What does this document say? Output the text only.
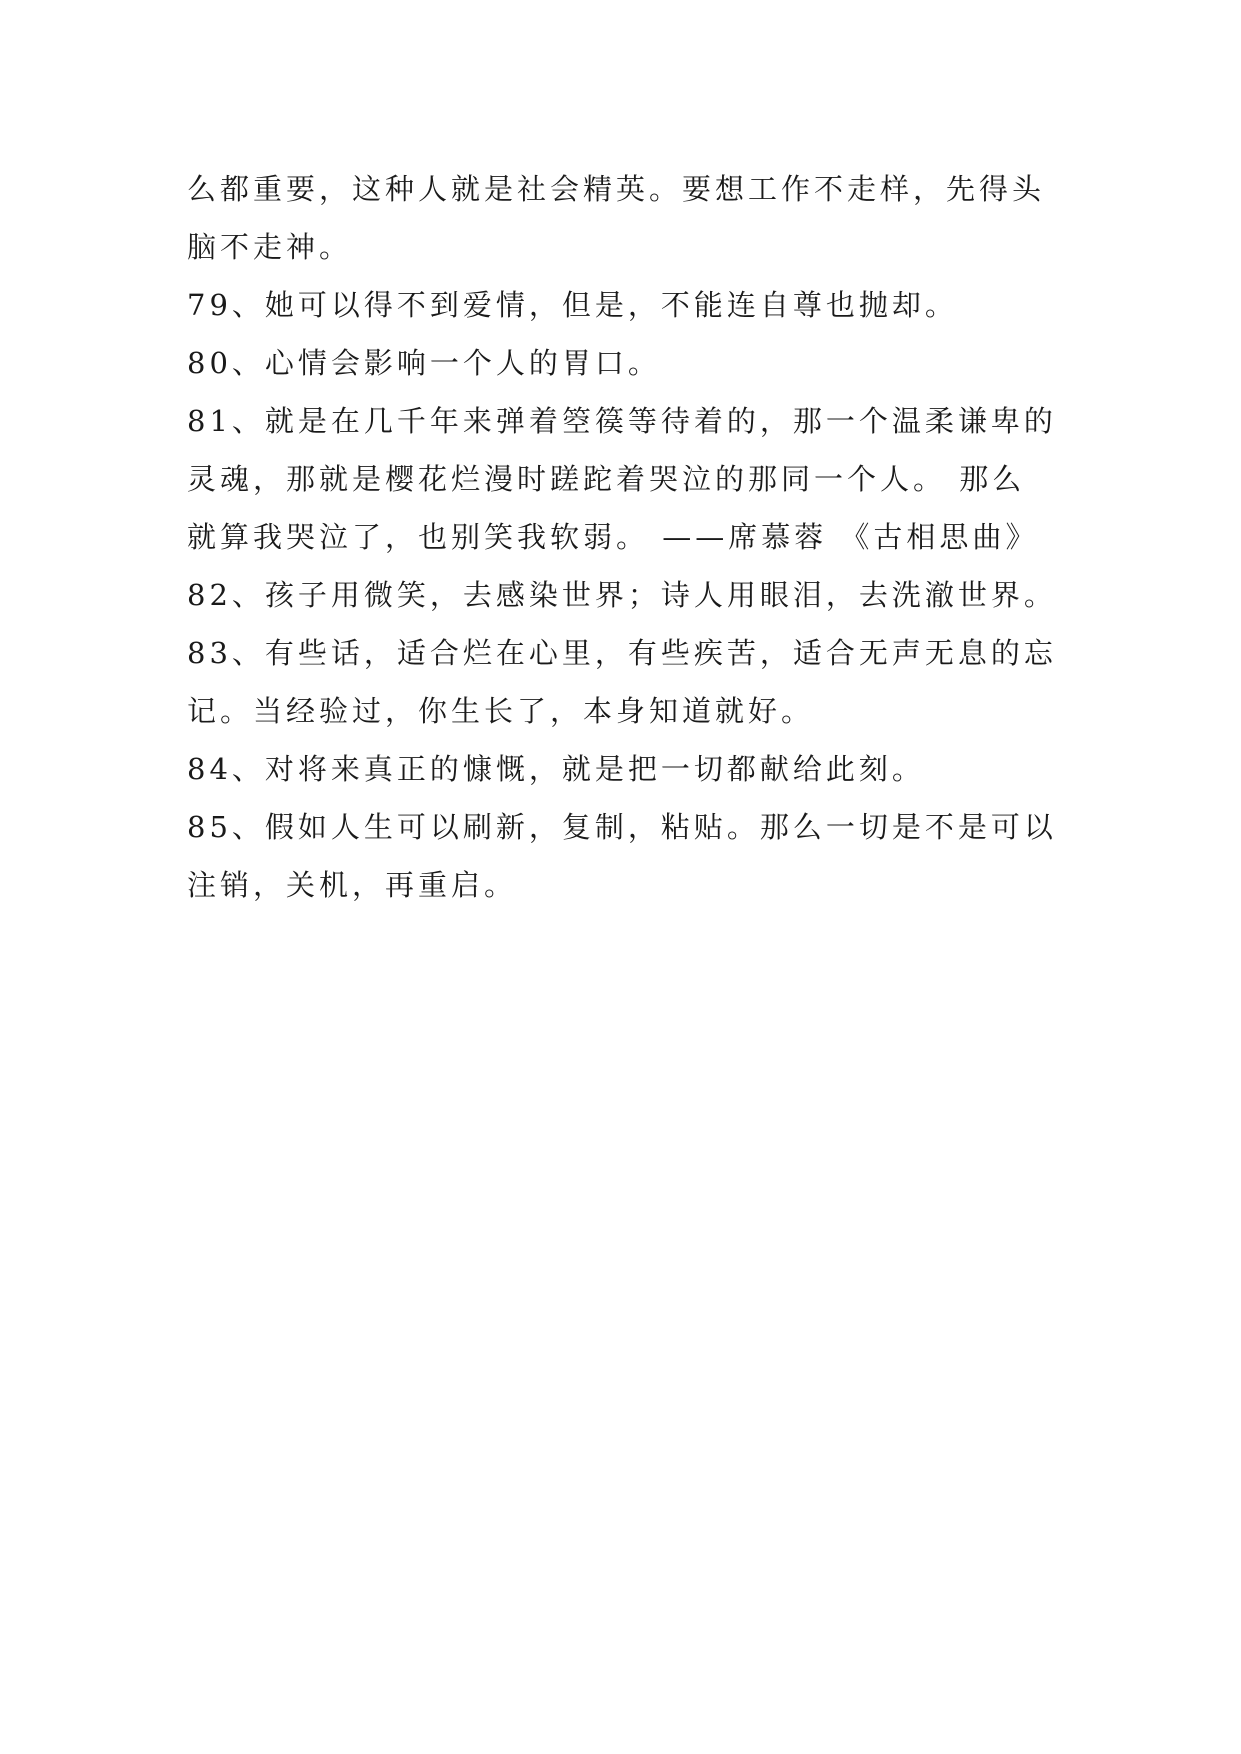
么都重要，这种人就是社会精英。要想工作不走样，先得头
脑不走神。
79、她可以得不到爱情，但是，不能连自尊也抛却。
80、心情会影响一个人的胃口。
81、就是在几千年来弹着箜篌等待着的，那一个温柔谦卑的
灵魂，那就是樱花烂漫时蹉跎着哭泣的那同一个人。 那么
就算我哭泣了，也别笑我软弱。 ——席慕蓉 《古相思曲》
82、孩子用微笑，去感染世界；诗人用眼泪，去洗澈世界。
83、有些话，适合烂在心里，有些疾苦，适合无声无息的忘
记。当经验过，你生长了，本身知道就好。
84、对将来真正的慷慨，就是把一切都献给此刻。
85、假如人生可以刷新，复制，粘贴。那么一切是不是可以
注销，关机，再重启。
